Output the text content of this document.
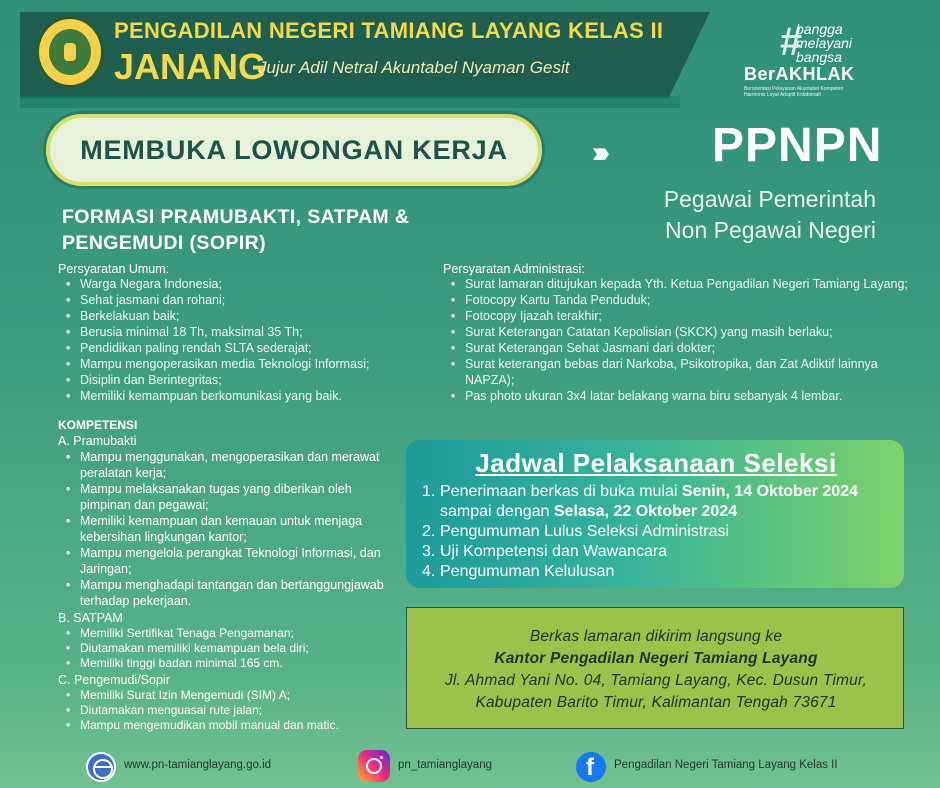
PENGADILAN NEGERI TAMIANG LAYANG KELAS II
JANANG
Jujur Adil Netral Akuntabel Nyaman Gesit
#
bangga
melayani
bangsa
BerAKHLAK
Berorientasi Pelayanan Akuntabel Kompeten
Harmonis Loyal Adaptif Kolaboratif
MEMBUKA LOWONGAN KERJA	››› PPNPN
Pegawai Pemerintah
Non Pegawai Negeri
FORMASI PRAMUBAKTI, SATPAM &
PENGEMUDI (SOPIR)
Persyaratan Umum:
• Warga Negara Indonesia;
• Sehat jasmani dan rohani;
• Berkelakuan baik;
• Berusia minimal 18 Th, maksimal 35 Th;
• Pendidikan paling rendah SLTA sederajat;
• Mampu mengoperasikan media Teknologi Informasi;
• Disiplin dan Berintegritas;
• Memiliki kemampuan berkomunikasi yang baik.
Persyaratan Administrasi:
• Surat lamaran ditujukan kepada Yth. Ketua Pengadilan Negeri Tamiang Layang;
• Fotocopy Kartu Tanda Penduduk;
• Fotocopy Ijazah terakhir;
• Surat Keterangan Catatan Kepolisian (SKCK) yang masih berlaku;
• Surat Keterangan Sehat Jasmani dari dokter;
• Surat keterangan bebas dari Narkoba, Psikotropika, dan Zat Adiktif lainnya NAPZA);
• Pas photo ukuran 3x4 latar belakang warna biru sebanyak 4 lembar.
KOMPETENSI
A. Pramubakti
• Mampu menggunakan, mengoperasikan dan merawat peralatan kerja;
• Mampu melaksanakan tugas yang diberikan oleh pimpinan dan pegawai;
• Memiliki kemampuan dan kemauan untuk menjaga kebersihan lingkungan kantor;
• Mampu mengelola perangkat Teknologi Informasi, dan Jaringan;
• Mampu menghadapi tantangan dan bertanggungjawab terhadap pekerjaan.
B. SATPAM
• Memiliki Sertifikat Tenaga Pengamanan;
• Diutamakan memiliki kemampuan bela diri;
• Memiliki tinggi badan minimal 165 cm.
C. Pengemudi/Sopir
• Memiliki Surat Izin Mengemudi (SIM) A;
• Diutamakan menguasai rute jalan;
• Mampu mengemudikan mobil manual dan matic.
Jadwal Pelaksanaan Seleksi
1. Penerimaan berkas di buka mulai Senin, 14 Oktober 2024
sampai dengan Selasa, 22 Oktober 2024
2. Pengumuman Lulus Seleksi Administrasi
3. Uji Kompetensi dan Wawancara
4. Pengumuman Kelulusan
Berkas lamaran dikirim langsung ke
Kantor Pengadilan Negeri Tamiang Layang
Jl. Ahmad Yani No. 04, Tamiang Layang, Kec. Dusun Timur,
Kabupaten Barito Timur, Kalimantan Tengah 73671
www.pn-tamianglayang.go.id	pn_tamianglayang	f Pengadilan Negeri Tamiang Layang Kelas II
